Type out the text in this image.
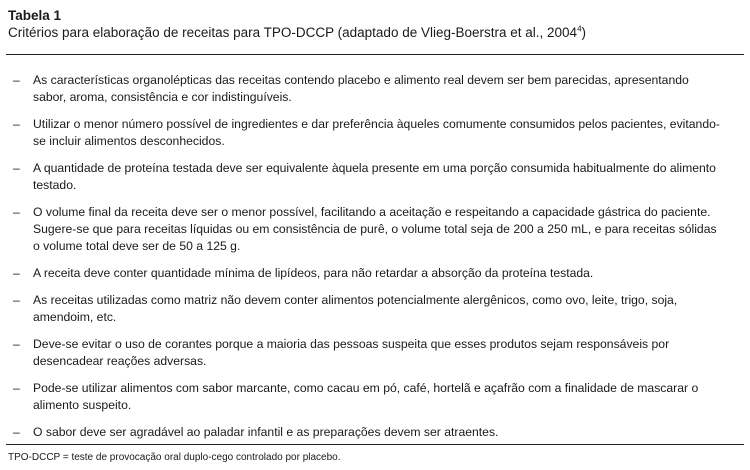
Tabela 1
Critérios para elaboração de receitas para TPO-DCCP (adaptado de Vlieg-Boerstra et al., 2004$^4$)
– As características organolépticas das receitas contendo placebo e alimento real devem ser bem parecidas, apresentando sabor, aroma, consistência e cor indistinguíveis.
– Utilizar o menor número possível de ingredientes e dar preferência àqueles comumente consumidos pelos pacientes, evitando-se incluir alimentos desconhecidos.
– A quantidade de proteína testada deve ser equivalente àquela presente em uma porção consumida habitualmente do alimento testado.
– O volume final da receita deve ser o menor possível, facilitando a aceitação e respeitando a capacidade gástrica do paciente. Sugere-se que para receitas líquidas ou em consistência de purê, o volume total seja de 200 a 250 mL, e para receitas sólidas o volume total deve ser de 50 a 125 g.
– A receita deve conter quantidade mínima de lipídeos, para não retardar a absorção da proteína testada.
– As receitas utilizadas como matriz não devem conter alimentos potencialmente alergênicos, como ovo, leite, trigo, soja, amendoim, etc.
– Deve-se evitar o uso de corantes porque a maioria das pessoas suspeita que esses produtos sejam responsáveis por desencadear reações adversas.
– Pode-se utilizar alimentos com sabor marcante, como cacau em pó, café, hortelã e açafrão com a finalidade de mascarar o alimento suspeito.
– O sabor deve ser agradável ao paladar infantil e as preparações devem ser atraentes.
TPO-DCCP = teste de provocação oral duplo-cego controlado por placebo.
